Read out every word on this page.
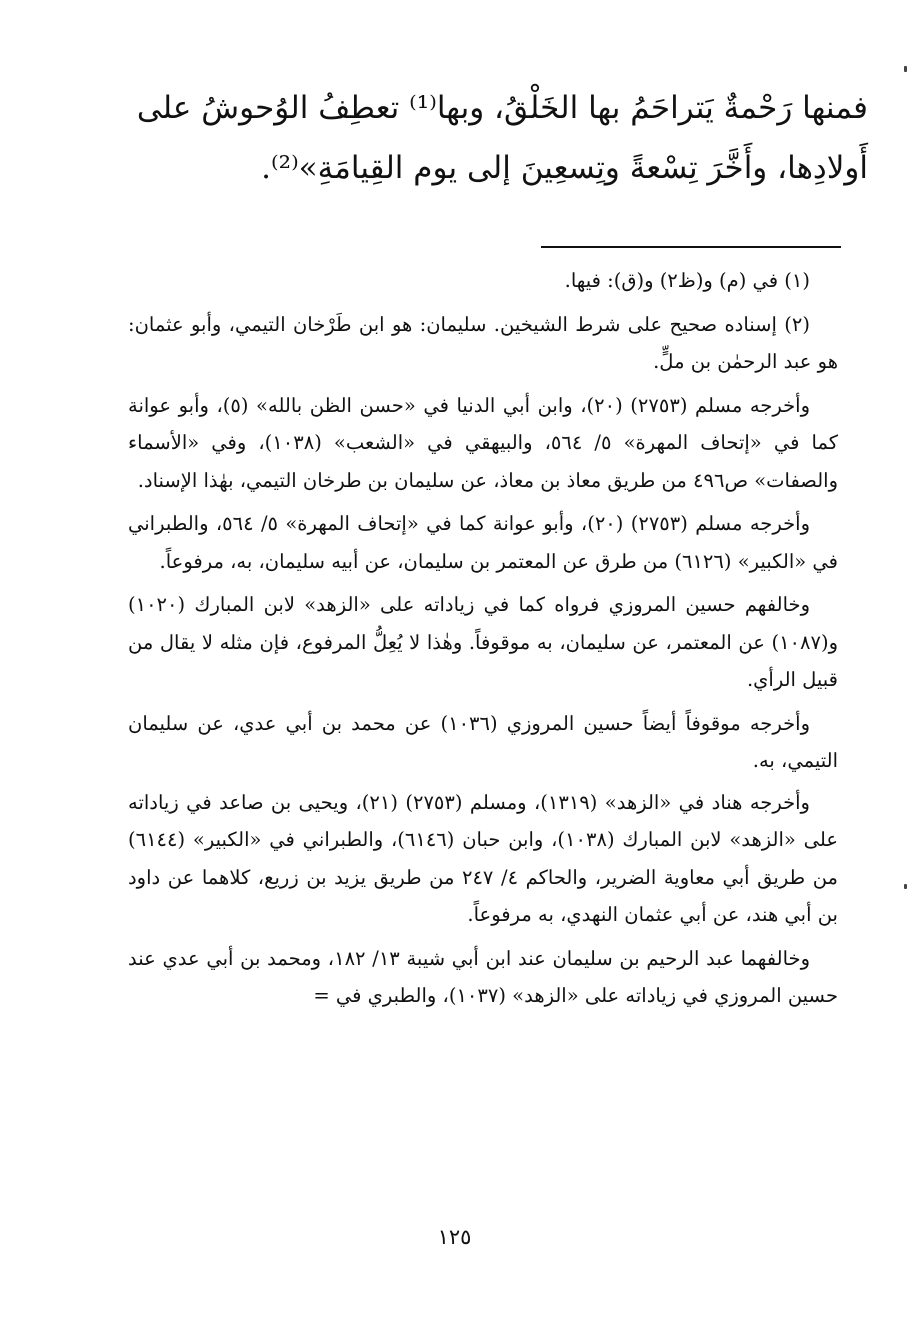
فمنها رَحْمةٌ يَتراحَمُ بها الخَلْقُ، وبها⁽¹⁾ تعطِفُ الوُحوشُ على

أَولادِها، وأَخَّرَ تِسْعةً وتِسعِينَ إلى يوم القِيامَةِ»⁽²⁾.

(١) في (م) و(ظ٢) و(ق): فيها.

(٢) إسناده صحيح على شرط الشيخين. سليمان: هو ابن طَرْخان التيمي، وأبو عثمان: هو عبد الرحمٰن بن ملٍّ.

وأخرجه مسلم (٢٧٥٣) (٢٠)، وابن أبي الدنيا في «حسن الظن بالله» (٥)، وأبو عوانة كما في «إتحاف المهرة» ٥/ ٥٦٤، والبيهقي في «الشعب» (١٠٣٨)، وفي «الأسماء والصفات» ص٤٩٦ من طريق معاذ بن معاذ، عن سليمان بن طرخان التيمي، بهٰذا الإسناد.

وأخرجه مسلم (٢٧٥٣) (٢٠)، وأبو عوانة كما في «إتحاف المهرة» ٥/ ٥٦٤، والطبراني في «الكبير» (٦١٢٦) من طرق عن المعتمر بن سليمان، عن أبيه سليمان، به، مرفوعاً.

وخالفهم حسين المروزي فرواه كما في زياداته على «الزهد» لابن المبارك (١٠٢٠) و(١٠٨٧) عن المعتمر، عن سليمان، به موقوفاً. وهٰذا لا يُعِلُّ المرفوع، فإن مثله لا يقال من قبيل الرأي.

وأخرجه موقوفاً أيضاً حسين المروزي (١٠٣٦) عن محمد بن أبي عدي، عن سليمان التيمي، به.

وأخرجه هناد في «الزهد» (١٣١٩)، ومسلم (٢٧٥٣) (٢١)، ويحيى بن صاعد في زياداته على «الزهد» لابن المبارك (١٠٣٨)، وابن حبان (٦١٤٦)، والطبراني في «الكبير» (٦١٤٤) من طريق أبي معاوية الضرير، والحاكم ٤/ ٢٤٧ من طريق يزيد بن زريع، كلاهما عن داود بن أبي هند، عن أبي عثمان النهدي، به مرفوعاً.

وخالفهما عبد الرحيم بن سليمان عند ابن أبي شيبة ١٣/ ١٨٢، ومحمد بن أبي عدي عند حسين المروزي في زياداته على «الزهد» (١٠٣٧)، والطبري في =

١٢٥
